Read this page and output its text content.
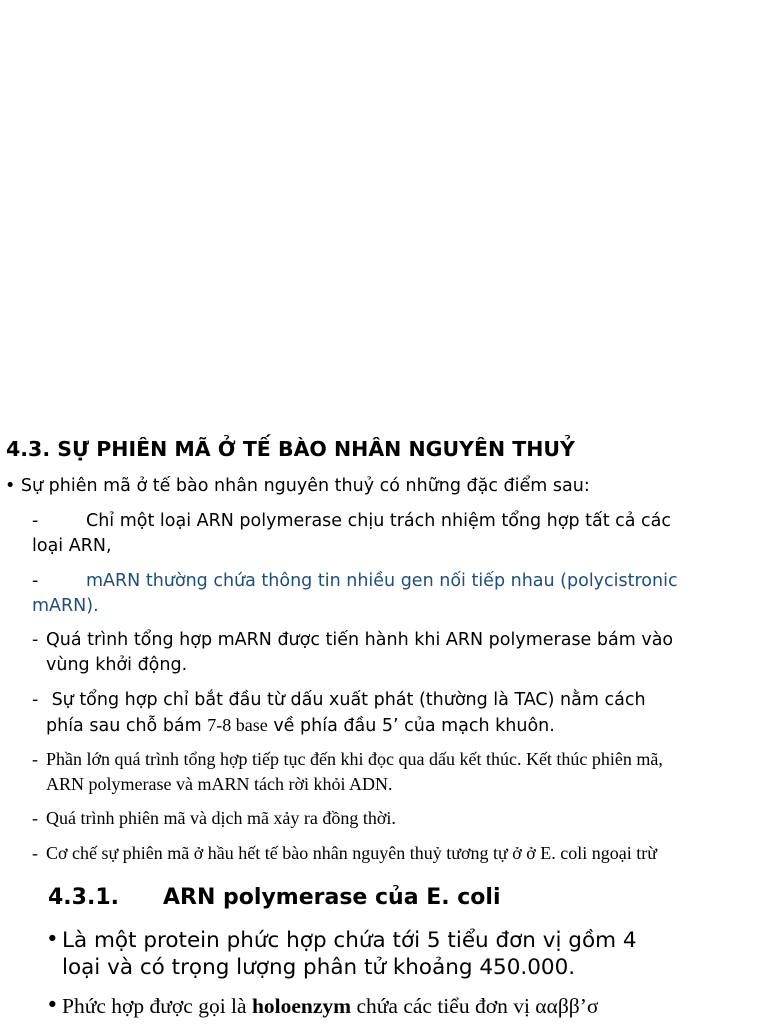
4.3. SỰ PHIÊN MÃ Ở TẾ BÀO NHÂN NGUYÊN THUỶ
• Sự phiên mã ở tế bào nhân nguyên thuỷ có những đặc điểm sau:
-	Chỉ một loại ARN polymerase chịu trách nhiệm tổng hợp tất cả các
loại ARN,
-	mARN thường chứa thông tin nhiều gen nối tiếp nhau (polycistronic
mARN).
- Quá trình tổng hợp mARN được tiến hành khi ARN polymerase bám vào
vùng khởi động.
- Sự tổng hợp chỉ bắt đầu từ dấu xuất phát (thường là TAC) nằm cách
phía sau chỗ bám 7-8 base về phía đầu 5’ của mạch khuôn.
- Phần lớn quá trình tổng hợp tiếp tục đến khi đọc qua dấu kết thúc. Kết thúc phiên mã,
ARN polymerase và mARN tách rời khỏi ADN.
- Quá trình phiên mã và dịch mã xảy ra đồng thời.
- Cơ chế sự phiên mã ở hầu hết tế bào nhân nguyên thuỷ tương tự ở ở E. coli ngoại trừ
4.3.1. ARN polymerase của E. coli
• Là một protein phức hợp chứa tới 5 tiểu đơn vị gồm 4
loại và có trọng lượng phân tử khoảng 450.000.
• Phức hợp được gọi là holoenzym chứa các tiểu đơn vị ααββ’σ
